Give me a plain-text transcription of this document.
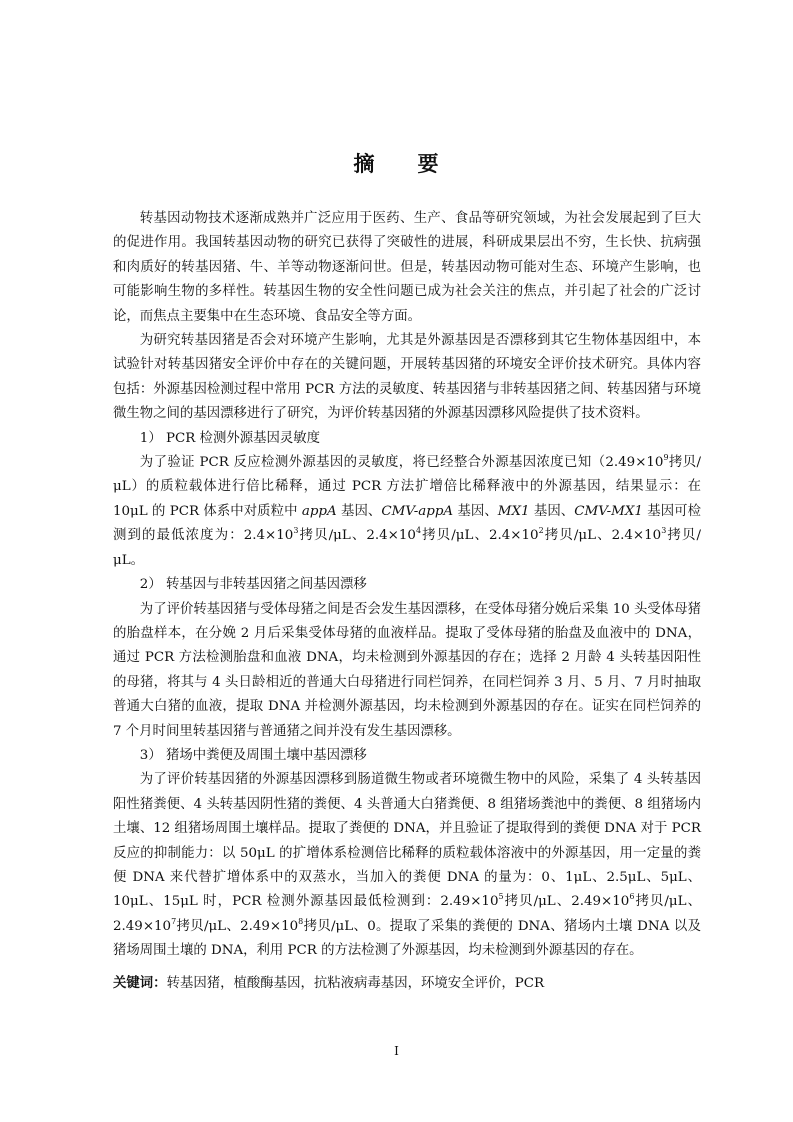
摘 要

转基因动物技术逐渐成熟并广泛应用于医药、生产、食品等研究领域，为社会发展起到了巨大的促进作用。我国转基因动物的研究已获得了突破性的进展，科研成果层出不穷，生长快、抗病强和肉质好的转基因猪、牛、羊等动物逐渐问世。但是，转基因动物可能对生态、环境产生影响，也可能影响生物的多样性。转基因生物的安全性问题已成为社会关注的焦点，并引起了社会的广泛讨论，而焦点主要集中在生态环境、食品安全等方面。

为研究转基因猪是否会对环境产生影响，尤其是外源基因是否漂移到其它生物体基因组中，本试验针对转基因猪安全评价中存在的关键问题，开展转基因猪的环境安全评价技术研究。具体内容包括：外源基因检测过程中常用 PCR 方法的灵敏度、转基因猪与非转基因猪之间、转基因猪与环境微生物之间的基因漂移进行了研究，为评价转基因猪的外源基因漂移风险提供了技术资料。

1） PCR 检测外源基因灵敏度

为了验证 PCR 反应检测外源基因的灵敏度，将已经整合外源基因浓度已知（$2.49\times 10^9$拷贝/μL）的质粒载体进行倍比稀释，通过 PCR 方法扩增倍比稀释液中的外源基因，结果显示：在 10μL 的 PCR 体系中对质粒中 appA 基因、CMV-appA 基因、MX1 基因、CMV-MX1 基因可检测到的最低浓度为：$2.4\times 10^3$拷贝/μL、$2.4\times 10^4$拷贝/μL、$2.4\times 10^2$拷贝/μL、$2.4\times 10^3$拷贝/μL。

2） 转基因与非转基因猪之间基因漂移

为了评价转基因猪与受体母猪之间是否会发生基因漂移，在受体母猪分娩后采集 10 头受体母猪的胎盘样本，在分娩 2 月后采集受体母猪的血液样品。提取了受体母猪的胎盘及血液中的 DNA，通过 PCR 方法检测胎盘和血液 DNA，均未检测到外源基因的存在；选择 2 月龄 4 头转基因阳性的母猪，将其与 4 头日龄相近的普通大白母猪进行同栏饲养，在同栏饲养 3 月、5 月、7 月时抽取普通大白猪的血液，提取 DNA 并检测外源基因，均未检测到外源基因的存在。证实在同栏饲养的 7 个月时间里转基因猪与普通猪之间并没有发生基因漂移。

3） 猪场中粪便及周围土壤中基因漂移

为了评价转基因猪的外源基因漂移到肠道微生物或者环境微生物中的风险，采集了 4 头转基因阳性猪粪便、4 头转基因阴性猪的粪便、4 头普通大白猪粪便、8 组猪场粪池中的粪便、8 组猪场内土壤、12 组猪场周围土壤样品。提取了粪便的 DNA，并且验证了提取得到的粪便 DNA 对于 PCR 反应的抑制能力：以 50μL 的扩增体系检测倍比稀释的质粒载体溶液中的外源基因，用一定量的粪便 DNA 来代替扩增体系中的双蒸水，当加入的粪便 DNA 的量为：0、1μL、2.5μL、5μL、10μL、15μL 时，PCR 检测外源基因最低检测到：$2.49\times 10^5$拷贝/μL、$2.49\times 10^6$拷贝/μL、$2.49\times 10^7$拷贝/μL、$2.49\times 10^8$拷贝/μL、0。提取了采集的粪便的 DNA、猪场内土壤 DNA 以及猪场周围土壤的 DNA，利用 PCR 的方法检测了外源基因，均未检测到外源基因的存在。

关键词：转基因猪，植酸酶基因，抗粘液病毒基因，环境安全评价，PCR
I
